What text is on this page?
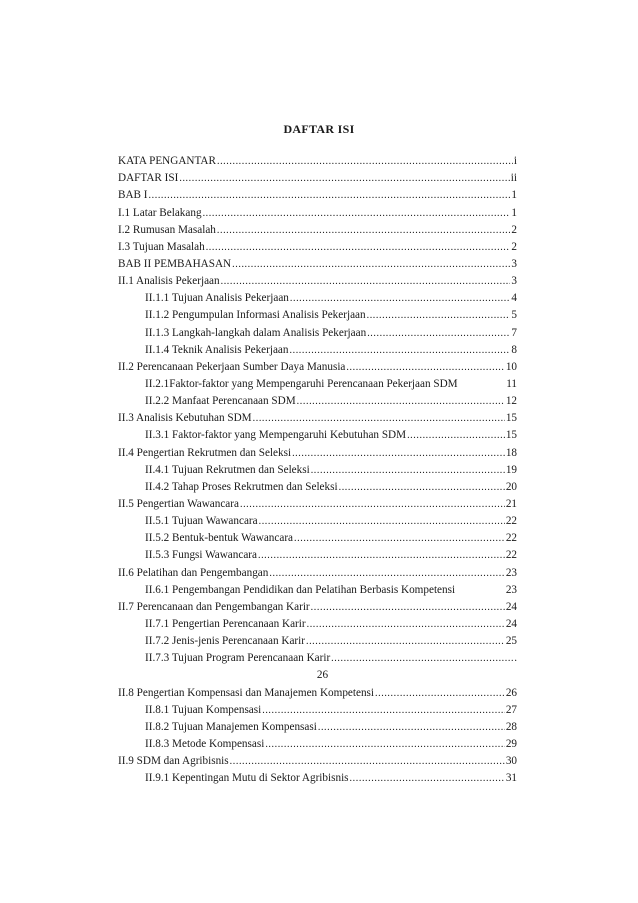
DAFTAR ISI
KATA PENGANTAR .....	i
DAFTAR ISI .....	ii
BAB I .....	1
I.1 Latar Belakang .....	1
I.2 Rumusan Masalah .....	2
I.3 Tujuan Masalah .....	2
BAB II PEMBAHASAN .....	3
II.1 Analisis Pekerjaan .....	3
II.1.1 Tujuan Analisis Pekerjaan .....	4
II.1.2 Pengumpulan Informasi Analisis Pekerjaan .....	5
II.1.3 Langkah-langkah dalam Analisis Pekerjaan .....	7
II.1.4 Teknik Analisis Pekerjaan .....	8
II.2 Perencanaan Pekerjaan Sumber Daya Manusia .....	10
II.2.1Faktor-faktor yang Mempengaruhi Perencanaan Pekerjaan SDM	11
II.2.2 Manfaat Perencanaan SDM .....	12
II.3 Analisis Kebutuhan SDM .....	15
II.3.1 Faktor-faktor yang Mempengaruhi Kebutuhan SDM .....	15
II.4 Pengertian Rekrutmen dan Seleksi .....	18
II.4.1 Tujuan Rekrutmen dan Seleksi .....	19
II.4.2 Tahap Proses Rekrutmen dan Seleksi .....	20
II.5 Pengertian Wawancara .....	21
II.5.1 Tujuan Wawancara .....	22
II.5.2 Bentuk-bentuk Wawancara .....	22
II.5.3 Fungsi Wawancara .....	22
II.6 Pelatihan dan Pengembangan .....	23
II.6.1 Pengembangan Pendidikan dan Pelatihan Berbasis Kompetensi	23
II.7 Perencanaan dan Pengembangan Karir .....	24
II.7.1 Pengertian Perencanaan Karir .....	24
II.7.2 Jenis-jenis Perencanaan Karir .....	25
II.7.3 Tujuan Program Perencanaan Karir .....	.
26
II.8 Pengertian Kompensasi dan Manajemen Kompetensi .....	26
II.8.1 Tujuan Kompensasi .....	27
II.8.2 Tujuan Manajemen Kompensasi .....	28
II.8.3 Metode Kompensasi .....	29
II.9 SDM dan Agribisnis .....	30
II.9.1 Kepentingan Mutu di Sektor Agribisnis .....	31
